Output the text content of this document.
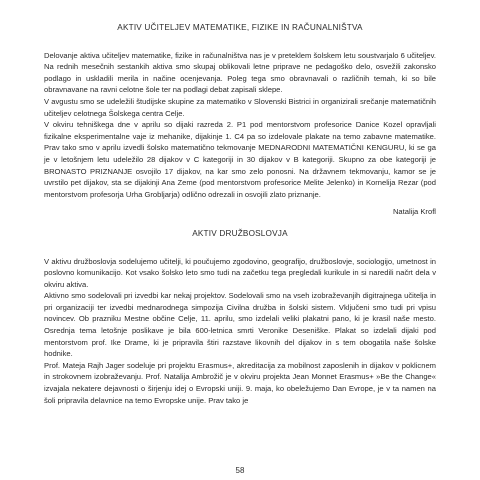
AKTIV UČITELJEV MATEMATIKE, FIZIKE IN RAČUNALNIŠTVA

Delovanje aktiva učiteljev matematike, fizike in računalništva nas je v preteklem šolskem letu soustvarjalo 6 učiteljev. Na rednih mesečnih sestankih aktiva smo skupaj oblikovali letne priprave ne pedagoško delo, osvežili zakonsko podlago in uskladili merila in načine ocenjevanja. Poleg tega smo obravnavali o različnih temah, ki so bile obravnavane na ravni celotne šole ter na podlagi debat zapisali sklepe.

V avgustu smo se udeležili študijske skupine za matematiko v Slovenski Bistrici in organizirali srečanje matematičnih učiteljev celotnega Šolskega centra Celje.

V okviru tehniškega dne v aprilu so dijaki razreda 2. P1 pod mentorstvom profesorice Danice Kozel opravljali fizikalne eksperimentalne vaje iz mehanike, dijakinje 1. C4 pa so izdelovale plakate na temo zabavne matematike. Prav tako smo v aprilu izvedli šolsko matematično tekmovanje MEDNARODNI MATEMATIČNI KENGURU, ki se ga je v letošnjem letu udeležilo 28 dijakov v C kategoriji in 30 dijakov v B kategoriji. Skupno za obe kategoriji je BRONASTO PRIZNANJE osvojilo 17 dijakov, na kar smo zelo ponosni. Na državnem tekmovanju, kamor se je uvrstilo pet dijakov, sta se dijakinji Ana Zeme (pod mentorstvom profesorice Melite Jelenko) in Kornelija Rezar (pod mentorstvom profesorja Urha Grobljarja) odlično odrezali in osvojili zlato priznanje.

Natalija Krofl

AKTIV DRUŽBOSLOVJA

V aktivu družboslovja sodelujemo učitelji, ki poučujemo zgodovino, geografijo, družboslovje, sociologijo, umetnost in poslovno komunikacijo. Kot vsako šolsko leto smo tudi na začetku tega pregledali kurikule in si naredili načrt dela v okviru aktiva.

Aktivno smo sodelovali pri izvedbi kar nekaj projektov. Sodelovali smo na vseh izobraževanjih digitrajnega učitelja in pri organizaciji ter izvedbi mednarodnega simpozija Civilna družba in šolski sistem. Vključeni smo tudi pri vpisu novincev. Ob prazniku Mestne občine Celje, 11. aprilu, smo izdelali veliki plakatni pano, ki je krasil naše mesto. Osrednja tema letošnje poslikave je bila 600-letnica smrti Veronike Deseniške. Plakat so izdelali dijaki pod mentorstvom prof. Ike Drame, ki je pripravila štiri razstave likovnih del dijakov in s tem obogatila naše šolske hodnike.

Prof. Mateja Rajh Jager sodeluje pri projektu Erasmus+, akreditacija za mobilnost zaposlenih in dijakov v poklicnem in strokovnem izobraževanju. Prof. Natalija Ambrožič je v okviru projekta Jean Monnet Erasmus+ »Be the Change« izvajala nekatere dejavnosti o širjenju idej o Evropski uniji. 9. maja, ko obeležujemo Dan Evrope, je v ta namen na šoli pripravila delavnice na temo Evropske unije. Prav tako je

58
